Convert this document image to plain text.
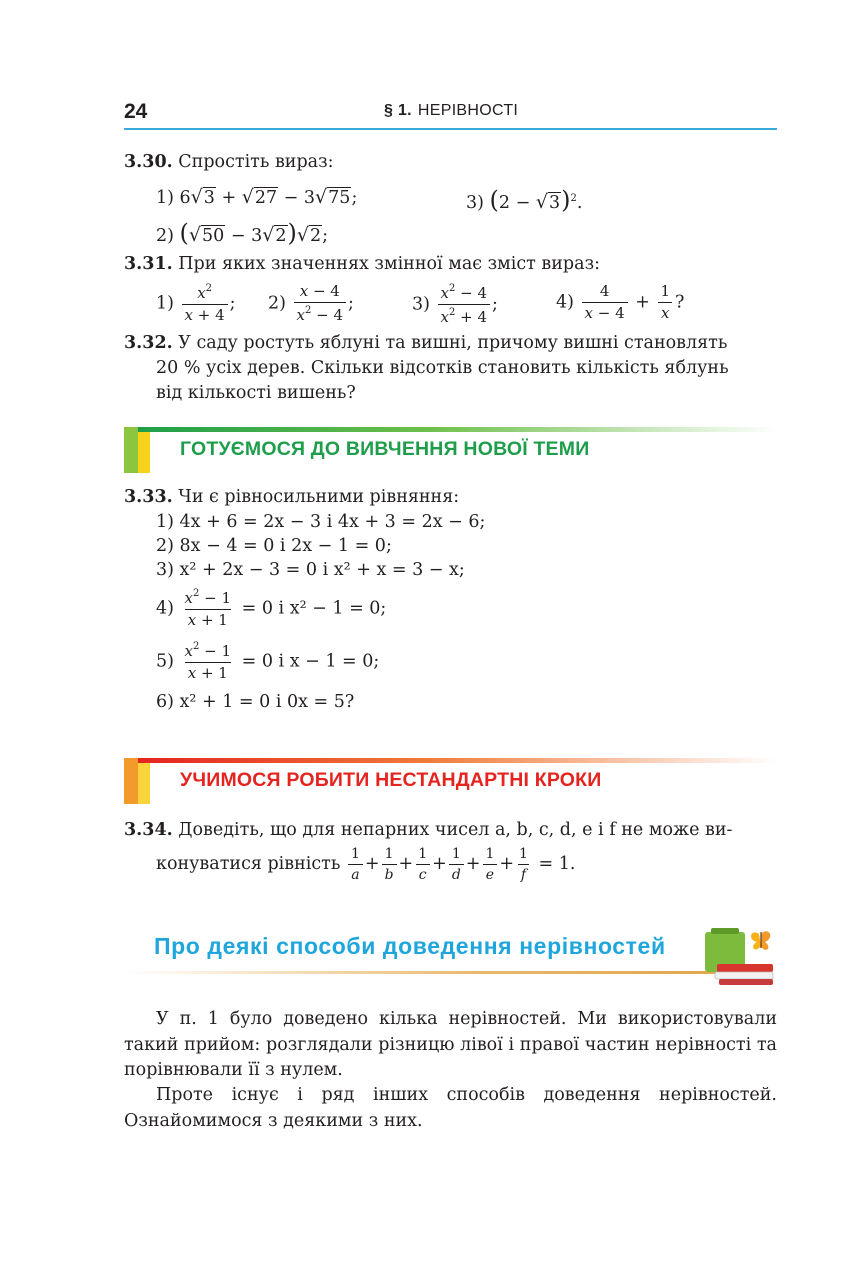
24	§ 1. НЕРІВНОСТІ
3.30. Спростіть вираз:
1) 6√3 + √27 − 3√75;	3) $(2 - √3)^2$.
2) (√50 − 3√2)√2;
3.31. При яких значеннях змінної має зміст вираз:
$1) \frac{x^2}{x + 4}$ ; $2) \frac{x - 4}{x^2 - 4}$ ;	$3) \frac{x^2 - 4}{x^2 + 4}$ ;	$4) \frac{4}{x - 4} + \frac{1}{x}$ ?
3.32. У саду ростуть яблуні та вишні, причому вишні становлять
20 % усіх дерев. Скільки відсотків становить кількість яблунь
від кількості вишень?
ГОТУЄМОСЯ ДО ВИВЧЕННЯ НОВОЇ ТЕМИ
3.33. Чи є рівносильними рівняння:
1) 4x + 6 = 2x − 3 і 4x + 3 = 2x − 6;
2) 8x − 4 = 0 і 2x − 1 = 0;
3) x² + 2x − 3 = 0 і x² + x = 3 − x;
$4) \frac{x^2 - 1}{x + 1} = 0$ і x² − 1 = 0;
$5) \frac{x^2 - 1}{x + 1} = 0$ і x − 1 = 0;
6) x² + 1 = 0 і 0x = 5?
УЧИМОСЯ РОБИТИ НЕСТАНДАРТНІ КРОКИ
3.34. Доведіть, що для непарних чисел a, b, c, d, e і f не може ви-
конуватися рівність $\frac{1}{a} + \frac{1}{b} + \frac{1}{c} + \frac{1}{d} + \frac{1}{e} + \frac{1}{f} = 1$.
Про деякі способи доведення нерівностей
У п. 1 було доведено кілька нерівностей. Ми використовували такий прийом: розглядали різницю лівої і правої частин нерівності та порівнювали її з нулем.
Проте існує і ряд інших способів доведення нерівностей. Ознайомимося з деякими з них.
